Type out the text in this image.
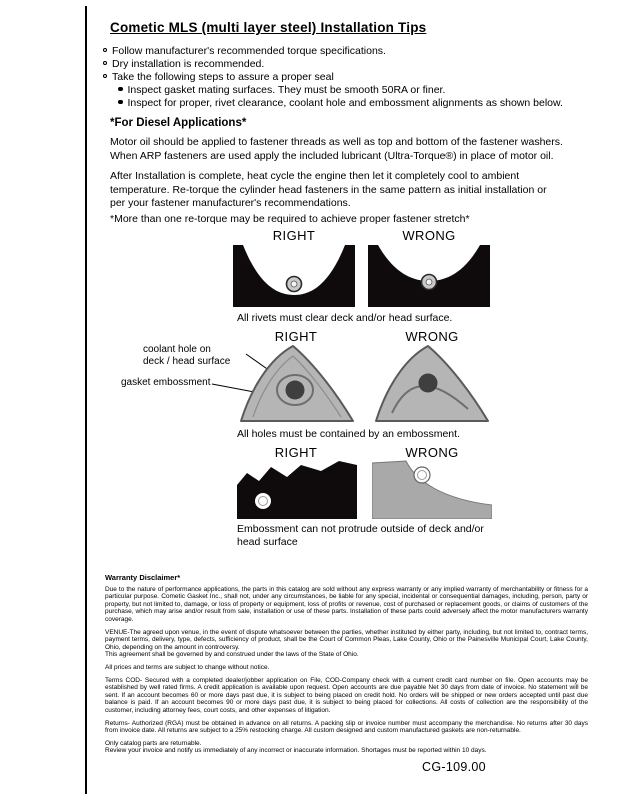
Cometic MLS (multi layer steel) Installation Tips
Follow manufacturer's recommended torque specifications.
Dry installation is recommended.
Take the following steps to assure a proper seal
Inspect gasket mating surfaces. They must be smooth 50RA or finer.
Inspect for proper, rivet clearance, coolant hole and embossment alignments as shown below.
*For Diesel Applications*

Motor oil should be applied to fastener threads as well as top and bottom of the fastener washers. When ARP fasteners are used apply the included lubricant (Ultra-Torque®) in place of motor oil.

After Installation is complete, heat cycle the engine then let it completely cool to ambient temperature. Re-torque the cylinder head fasteners in the same pattern as initial installation or per your fastener manufacturer's recommendations.

*More than one re-torque may be required to achieve proper fastener stretch*

RIGHT	WRONG
All rivets must clear deck and/or head surface.
RIGHT	WRONG
coolant hole on
deck / head surface
gasket embossment
All holes must be contained by an embossment.
RIGHT	WRONG
Embossment can not protrude outside of deck and/or head surface
Warranty Disclaimer*

Due to the nature of performance applications, the parts in this catalog are sold without any express warranty or any implied warranty of merchantability or fitness for a particular purpose. Cometic Gasket Inc., shall not, under any circumstances, be liable for any special, incidental or consequential damages, including, person, party or property, but not limited to, damage, or loss of property or equipment, loss of profits or revenue, cost of purchased or replacement goods, or claims of customers of the purchase, which may arise and/or result from sale, installation or use of these parts. Installation of these parts could adversely affect the motor manufacturers warranty coverage.

VENUE-The agreed upon venue, in the event of dispute whatsoever between the parties, whether instituted by either party, including, but not limited to, contract terms, payment terms, delivery, type, defects, sufficiency of product, shall be the Court of Common Pleas, Lake County, Ohio or the Painesville Municipal Court, Lake County, Ohio, depending on the amount in controversy.

This agreement shall be governed by and construed under the laws of the State of Ohio.

All prices and terms are subject to change without notice.

Terms COD- Secured with a completed dealer/jobber application on File, COD-Company check with a current credit card number on file. Open accounts may be established by well rated firms. A credit application is available upon request. Open accounts are due payable Net 30 days from date of invoice. No statement will be sent. If an account becomes 60 or more days past due, it is subject to being placed on credit hold. No orders will be shipped or new orders accepted until past due balance is paid. If an account becomes 90 or more days past due, it is subject to being placed for collections. All costs of collection are the responsibility of the customer, including attorney fees, court costs, and other expenses of litigation.

Returns- Authorized (RGA) must be obtained in advance on all returns. A packing slip or invoice number must accompany the merchandise. No returns after 30 days from invoice date. All returns are subject to a 25% restocking charge. All custom designed and custom manufactured gaskets are non-returnable.

Only catalog parts are returnable.

Review your invoice and notify us immediately of any incorrect or inaccurate information. Shortages must be reported within 10 days.

CG-109.00
